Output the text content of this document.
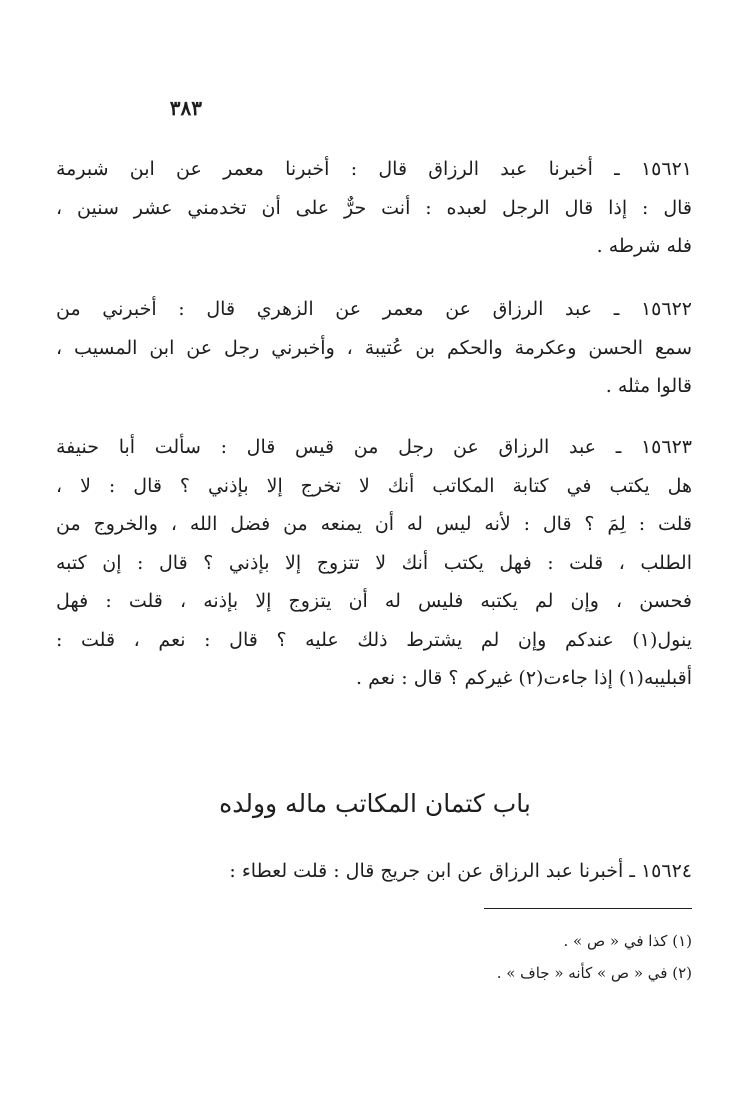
٣٨٣
١٥٦٢١ ـ أخبرنا عبد الرزاق قال : أخبرنا معمر عن ابن شبرمة
قال : إذا قال الرجل لعبده : أنت حرٌّ على أن تخدمني عشر سنين ،
فله شرطه .
١٥٦٢٢ ـ عبد الرزاق عن معمر عن الزهري قال : أخبرني من
سمع الحسن وعكرمة والحكم بن عُتيبة ، وأخبرني رجل عن ابن المسيب ،
قالوا مثله .
١٥٦٢٣ ـ عبد الرزاق عن رجل من قيس قال : سألت أبا حنيفة
هل يكتب في كتابة المكاتب أنك لا تخرج إلا بإذني ؟ قال : لا ،
قلت : لِمَ ؟ قال : لأنه ليس له أن يمنعه من فضل الله ، والخروج من
الطلب ، قلت : فهل يكتب أنك لا تتزوج إلا بإذني ؟ قال : إن كتبه
فحسن ، وإن لم يكتبه فليس له أن يتزوج إلا بإذنه ، قلت : فهل
ينول(١) عندكم وإن لم يشترط ذلك عليه ؟ قال : نعم ، قلت :
أقبليبه(١) إذا جاءت(٢) غيركم ؟ قال : نعم .
باب كتمان المكاتب ماله وولده
١٥٦٢٤ ـ أخبرنا عبد الرزاق عن ابن جريج قال : قلت لعطاء :
(١) كذا في « ص » .
(٢) في « ص » كأنه « جاف » .
